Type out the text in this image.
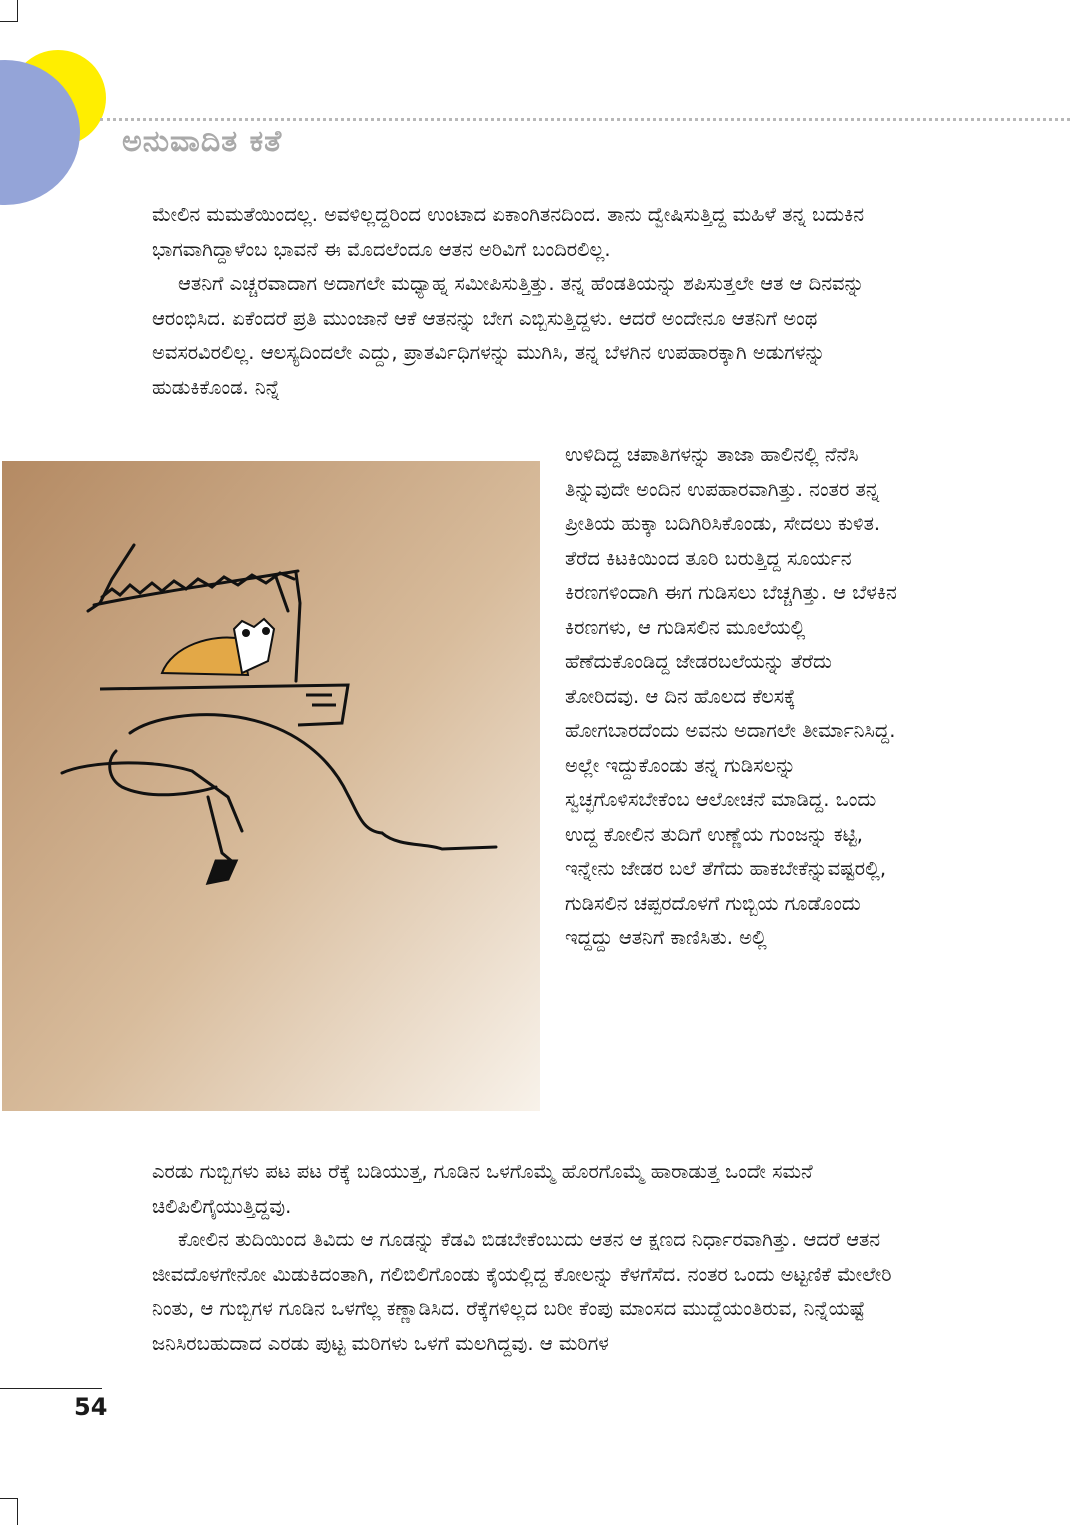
ಅನುವಾದಿತ ಕತೆ

ಮೇಲಿನ ಮಮತೆಯಿಂದಲ್ಲ. ಅವಳಿಲ್ಲದ್ದರಿಂದ ಉಂಟಾದ ಏಕಾಂಗಿತನದಿಂದ. ತಾನು ದ್ವೇಷಿಸುತ್ತಿದ್ದ ಮಹಿಳೆ ತನ್ನ ಬದುಕಿನ ಭಾಗವಾಗಿದ್ದಾಳೆಂಬ ಭಾವನೆ ಈ ಮೊದಲೆಂದೂ ಆತನ ಅರಿವಿಗೆ ಬಂದಿರಲಿಲ್ಲ.
ಆತನಿಗೆ ಎಚ್ಚರವಾದಾಗ ಅದಾಗಲೇ ಮಧ್ಯಾಹ್ನ ಸಮೀಪಿಸುತ್ತಿತ್ತು. ತನ್ನ ಹೆಂಡತಿಯನ್ನು ಶಪಿಸುತ್ತಲೇ ಆತ ಆ ದಿನವನ್ನು ಆರಂಭಿಸಿದ. ಏಕೆಂದರೆ ಪ್ರತಿ ಮುಂಜಾನೆ ಆಕೆ ಆತನನ್ನು ಬೇಗ ಎಬ್ಬಿಸುತ್ತಿದ್ದಳು. ಆದರೆ ಅಂದೇನೂ ಆತನಿಗೆ ಅಂಥ ಅವಸರವಿರಲಿಲ್ಲ. ಆಲಸ್ಯದಿಂದಲೇ ಎದ್ದು, ಪ್ರಾತರ್ವಿಧಿಗಳನ್ನು ಮುಗಿಸಿ, ತನ್ನ ಬೆಳಗಿನ ಉಪಹಾರಕ್ಕಾಗಿ ಅಡುಗಳನ್ನು ಹುಡುಕಿಕೊಂಡ. ನಿನ್ನೆ

ಉಳಿದಿದ್ದ ಚಪಾತಿಗಳನ್ನು ತಾಜಾ ಹಾಲಿನಲ್ಲಿ ನೆನೆಸಿ ತಿನ್ನುವುದೇ ಅಂದಿನ ಉಪಹಾರವಾಗಿತ್ತು. ನಂತರ ತನ್ನ ಪ್ರೀತಿಯ ಹುಕ್ಕಾ ಬದಿಗಿರಿಸಿಕೊಂಡು, ಸೇದಲು ಕುಳಿತ. ತೆರೆದ ಕಿಟಕಿಯಿಂದ ತೂರಿ ಬರುತ್ತಿದ್ದ ಸೂರ್ಯನ ಕಿರಣಗಳಿಂದಾಗಿ ಈಗ ಗುಡಿಸಲು ಬೆಚ್ಚಗಿತ್ತು. ಆ ಬೆಳಕಿನ ಕಿರಣಗಳು, ಆ ಗುಡಿಸಲಿನ ಮೂಲೆಯಲ್ಲಿ ಹೆಣೆದುಕೊಂಡಿದ್ದ ಜೇಡರಬಲೆಯನ್ನು ತೆರೆದು ತೋರಿದವು. ಆ ದಿನ ಹೊಲದ ಕೆಲಸಕ್ಕೆ ಹೋಗಬಾರದೆಂದು ಅವನು ಅದಾಗಲೇ ತೀರ್ಮಾನಿಸಿದ್ದ. ಅಲ್ಲೇ ಇದ್ದುಕೊಂಡು ತನ್ನ ಗುಡಿಸಲನ್ನು ಸ್ವಚ್ಛಗೊಳಿಸಬೇಕೆಂಬ ಆಲೋಚನೆ ಮಾಡಿದ್ದ. ಒಂದು ಉದ್ದ ಕೋಲಿನ ತುದಿಗೆ ಉಣ್ಣೆಯ ಗುಂಜನ್ನು ಕಟ್ಟಿ, ಇನ್ನೇನು ಜೇಡರ ಬಲೆ ತೆಗೆದು ಹಾಕಬೇಕೆನ್ನುವಷ್ಟರಲ್ಲಿ, ಗುಡಿಸಲಿನ ಚಪ್ಪರದೊಳಗೆ ಗುಬ್ಬಿಯ ಗೂಡೊಂದು ಇದ್ದದ್ದು ಆತನಿಗೆ ಕಾಣಿಸಿತು. ಅಲ್ಲಿ

ಎರಡು ಗುಬ್ಬಿಗಳು ಪಟ ಪಟ ರೆಕ್ಕೆ ಬಡಿಯುತ್ತ, ಗೂಡಿನ ಒಳಗೊಮ್ಮೆ ಹೊರಗೊಮ್ಮೆ ಹಾರಾಡುತ್ತ ಒಂದೇ ಸಮನೆ ಚಿಲಿಪಿಲಿಗೈಯುತ್ತಿದ್ದವು.

ಕೋಲಿನ ತುದಿಯಿಂದ ತಿವಿದು ಆ ಗೂಡನ್ನು ಕೆಡವಿ ಬಿಡಬೇಕೆಂಬುದು ಆತನ ಆ ಕ್ಷಣದ ನಿರ್ಧಾರವಾಗಿತ್ತು. ಆದರೆ ಆತನ ಜೀವದೊಳಗೇನೋ ಮಿಡುಕಿದಂತಾಗಿ, ಗಲಿಬಿಲಿಗೊಂಡು ಕೈಯಲ್ಲಿದ್ದ ಕೋಲನ್ನು ಕೆಳಗೆಸೆದ. ನಂತರ ಒಂದು ಅಟ್ಟಣಿಕೆ ಮೇಲೇರಿ ನಿಂತು, ಆ ಗುಬ್ಬಿಗಳ ಗೂಡಿನ ಒಳಗೆಲ್ಲ ಕಣ್ಣಾಡಿಸಿದ. ರೆಕ್ಕೆಗಳಿಲ್ಲದ ಬರೀ ಕೆಂಪು ಮಾಂಸದ ಮುದ್ದೆಯಂತಿರುವ, ನಿನ್ನೆಯಷ್ಟೆ ಜನಿಸಿರಬಹುದಾದ ಎರಡು ಪುಟ್ಟ ಮರಿಗಳು ಒಳಗೆ ಮಲಗಿದ್ದವು. ಆ ಮರಿಗಳ

54
